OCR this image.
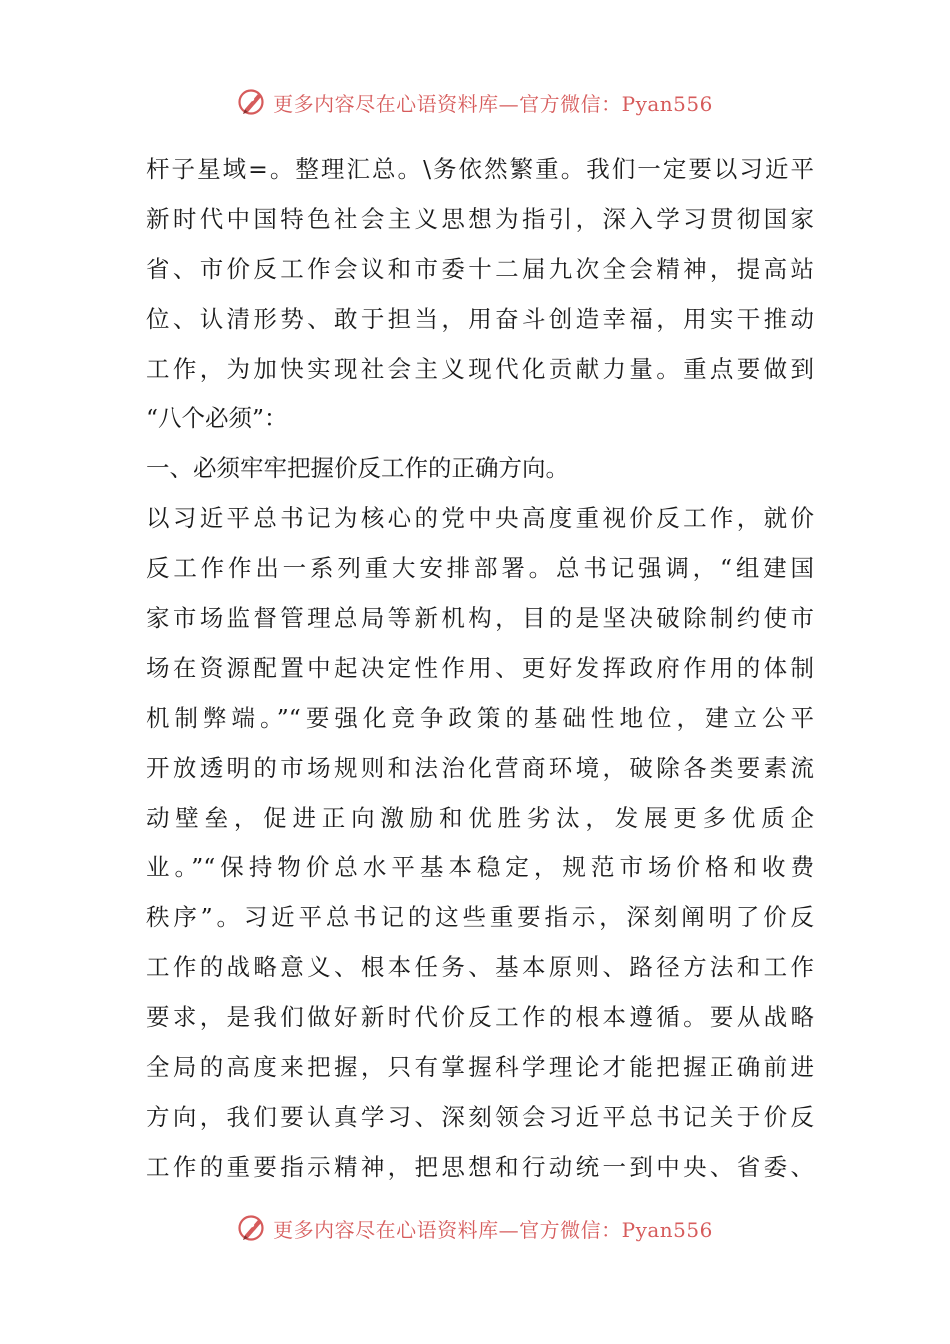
更多内容尽在心语资料库—官方微信：Pyan556
杆子星域=。整理汇总。\务依然繁重。我们一定要以习近平
新时代中国特色社会主义思想为指引，深入学习贯彻国家
省、市价反工作会议和市委十二届九次全会精神，提高站
位、认清形势、敢于担当，用奋斗创造幸福，用实干推动
工作，为加快实现社会主义现代化贡献力量。重点要做到
“八个必须”：
一、必须牢牢把握价反工作的正确方向。
以习近平总书记为核心的党中央高度重视价反工作，就价
反工作作出一系列重大安排部署。总书记强调，“组建国
家市场监督管理总局等新机构，目的是坚决破除制约使市
场在资源配置中起决定性作用、更好发挥政府作用的体制
机制弊端。”“要强化竞争政策的基础性地位，建立公平
开放透明的市场规则和法治化营商环境，破除各类要素流
动壁垒，促进正向激励和优胜劣汰，发展更多优质企
业。”“保持物价总水平基本稳定，规范市场价格和收费
秩序”。习近平总书记的这些重要指示，深刻阐明了价反
工作的战略意义、根本任务、基本原则、路径方法和工作
要求，是我们做好新时代价反工作的根本遵循。要从战略
全局的高度来把握，只有掌握科学理论才能把握正确前进
方向，我们要认真学习、深刻领会习近平总书记关于价反
工作的重要指示精神，把思想和行动统一到中央、省委、
更多内容尽在心语资料库—官方微信：Pyan556
